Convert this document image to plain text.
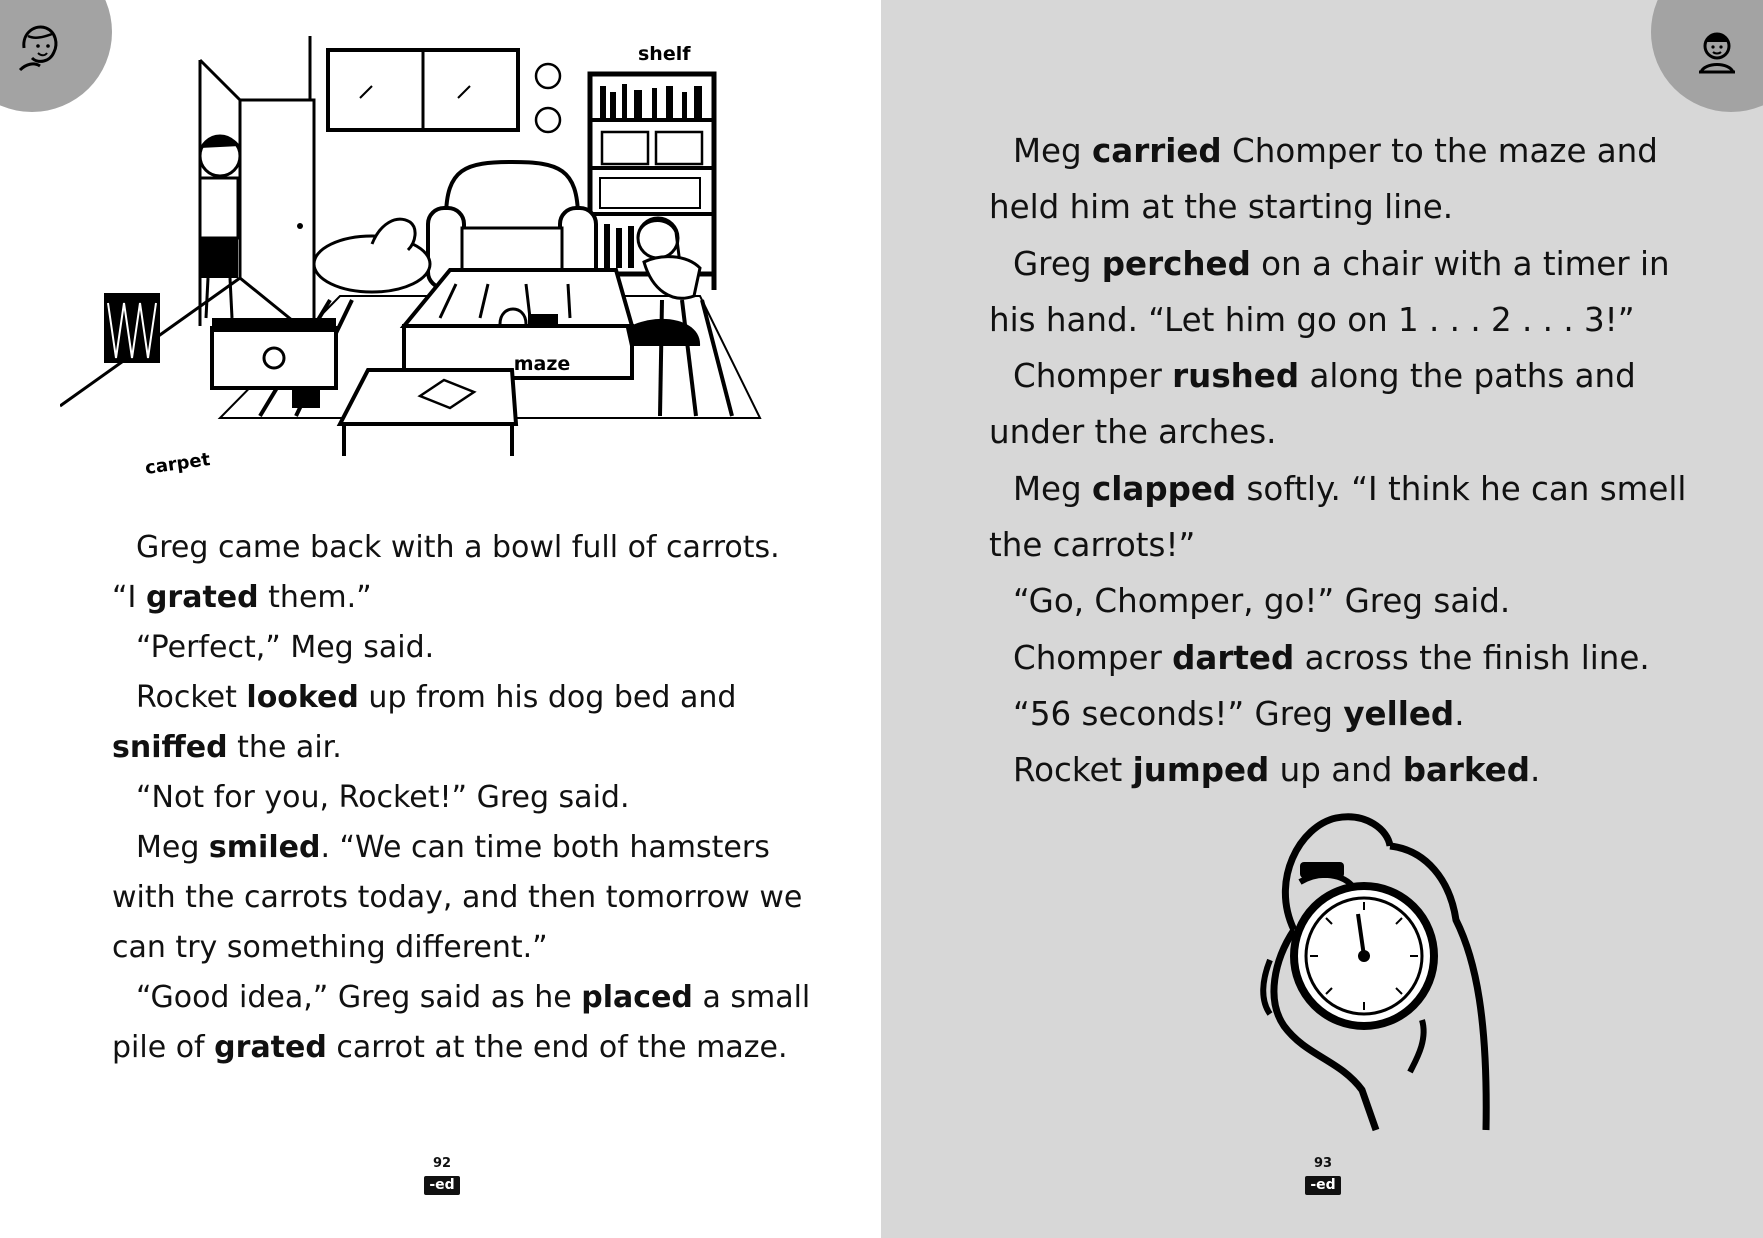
shelf
maze
carpet

Greg came back with a bowl full of carrots.

“I grated them.”

“Perfect,” Meg said.

Rocket looked up from his dog bed and sniffed the air.

“Not for you, Rocket!” Greg said.

Meg smiled. “We can time both hamsters with the carrots today, and then tomorrow we can try something different.”

“Good idea,” Greg said as he placed a small pile of grated carrot at the end of the maze.

92
-ed

Meg carried Chomper to the maze and held him at the starting line.

Greg perched on a chair with a timer in his hand. “Let him go on 1 . . . 2 . . . 3!”

Chomper rushed along the paths and under the arches.

Meg clapped softly. “I think he can smell the carrots!”

“Go, Chomper, go!” Greg said.

Chomper darted across the finish line.

“56 seconds!” Greg yelled.

Rocket jumped up and barked.

93
-ed
